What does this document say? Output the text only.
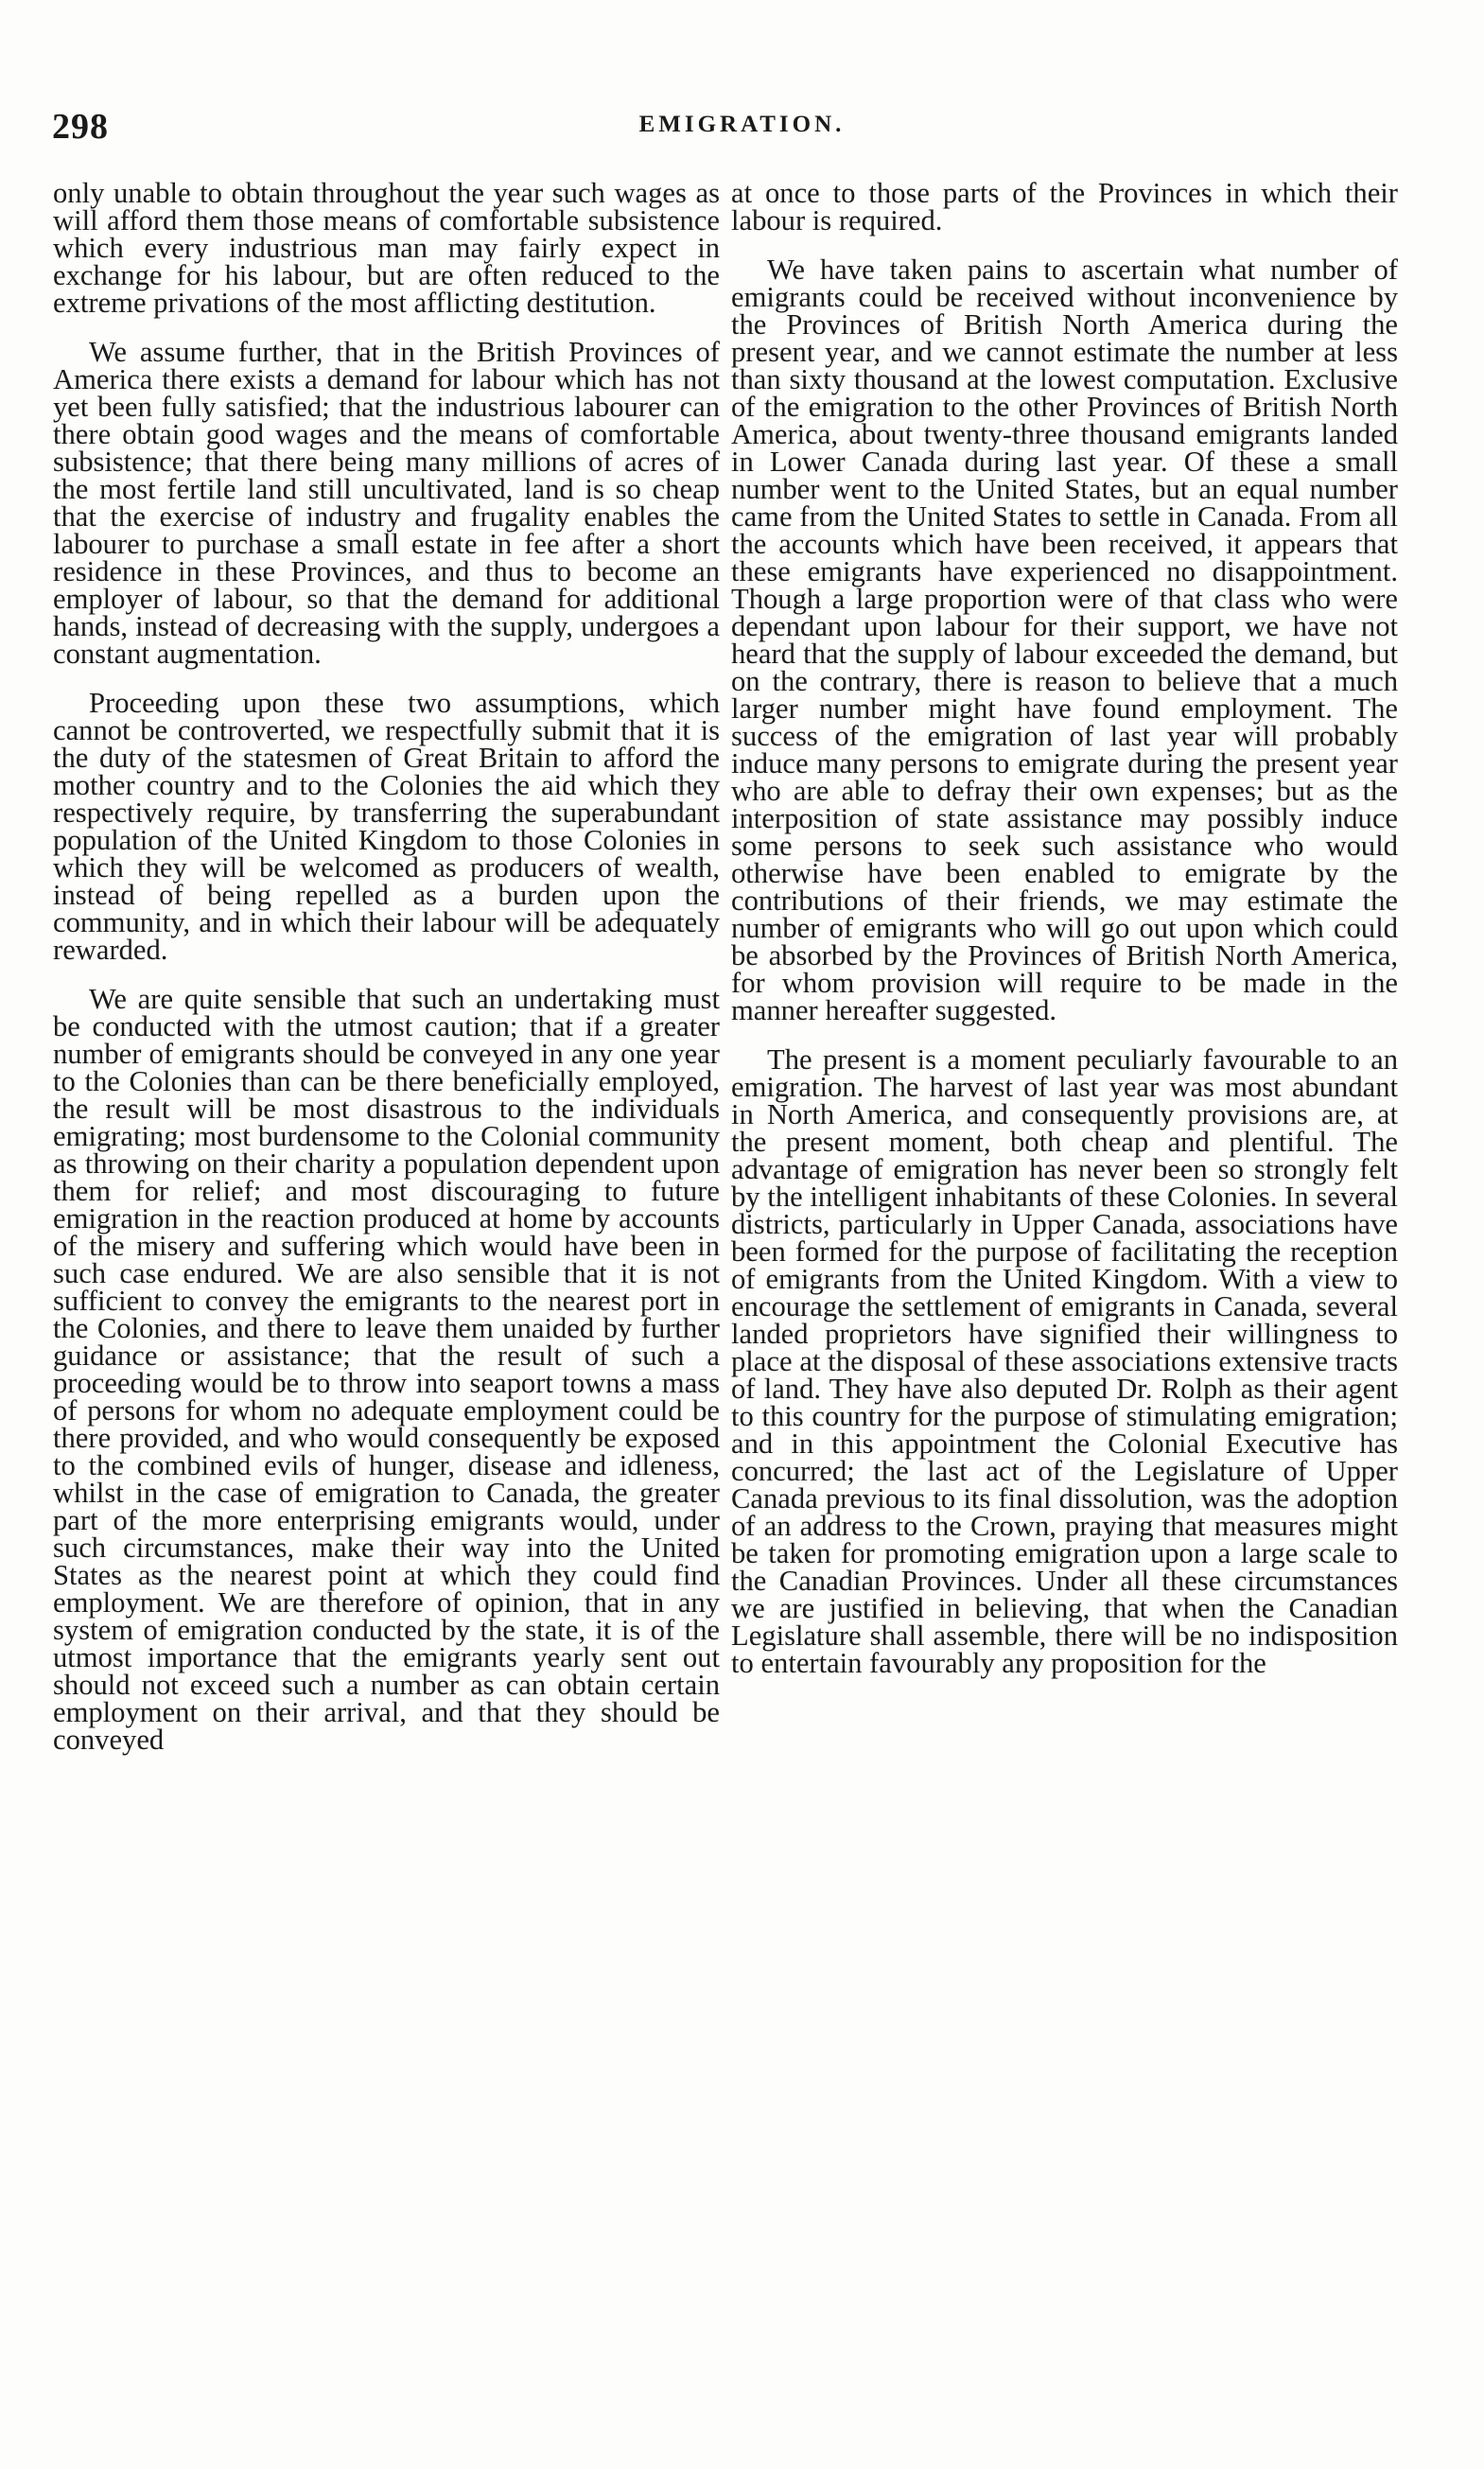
298	EMIGRATION.

only unable to obtain throughout the year such wages as will afford them those means of comfortable subsistence which every industrious man may fairly expect in exchange for his labour, but are often reduced to the extreme privations of the most afflicting destitution.

We assume further, that in the British Provinces of America there exists a demand for labour which has not yet been fully satisfied; that the industrious labourer can there obtain good wages and the means of comfortable subsistence; that there being many millions of acres of the most fertile land still uncultivated, land is so cheap that the exercise of industry and frugality enables the labourer to purchase a small estate in fee after a short residence in these Provinces, and thus to become an employer of labour, so that the demand for additional hands, instead of decreasing with the supply, undergoes a constant augmentation.

Proceeding upon these two assumptions, which cannot be controverted, we respectfully submit that it is the duty of the statesmen of Great Britain to afford the mother country and to the Colonies the aid which they respectively require, by transferring the superabundant population of the United Kingdom to those Colonies in which they will be welcomed as producers of wealth, instead of being repelled as a burden upon the community, and in which their labour will be adequately rewarded.

We are quite sensible that such an undertaking must be conducted with the utmost caution; that if a greater number of emigrants should be conveyed in any one year to the Colonies than can be there beneficially employed, the result will be most disastrous to the individuals emigrating; most burdensome to the Colonial community as throwing on their charity a population dependent upon them for relief; and most discouraging to future emigration in the reaction produced at home by accounts of the misery and suffering which would have been in such case endured. We are also sensible that it is not sufficient to convey the emigrants to the nearest port in the Colonies, and there to leave them unaided by further guidance or assistance; that the result of such a proceeding would be to throw into seaport towns a mass of persons for whom no adequate employment could be there provided, and who would consequently be exposed to the combined evils of hunger, disease and idleness, whilst in the case of emigration to Canada, the greater part of the more enterprising emigrants would, under such circumstances, make their way into the United States as the nearest point at which they could find employment. We are therefore of opinion, that in any system of emigration conducted by the state, it is of the utmost importance that the emigrants yearly sent out should not exceed such a number as can obtain certain employment on their arrival, and that they should be conveyed

at once to those parts of the Provinces in which their labour is required.

We have taken pains to ascertain what number of emigrants could be received without inconvenience by the Provinces of British North America during the present year, and we cannot estimate the number at less than sixty thousand at the lowest computation. Exclusive of the emigration to the other Provinces of British North America, about twenty-three thousand emigrants landed in Lower Canada during last year. Of these a small number went to the United States, but an equal number came from the United States to settle in Canada. From all the accounts which have been received, it appears that these emigrants have experienced no disappointment. Though a large proportion were of that class who were dependant upon labour for their support, we have not heard that the supply of labour exceeded the demand, but on the contrary, there is reason to believe that a much larger number might have found employment. The success of the emigration of last year will probably induce many persons to emigrate during the present year who are able to defray their own expenses; but as the interposition of state assistance may possibly induce some persons to seek such assistance who would otherwise have been enabled to emigrate by the contributions of their friends, we may estimate the number of emigrants who will go out upon which could be absorbed by the Provinces of British North America, for whom provision will require to be made in the manner hereafter suggested.

The present is a moment peculiarly favourable to an emigration. The harvest of last year was most abundant in North America, and consequently provisions are, at the present moment, both cheap and plentiful. The advantage of emigration has never been so strongly felt by the intelligent inhabitants of these Colonies. In several districts, particularly in Upper Canada, associations have been formed for the purpose of facilitating the reception of emigrants from the United Kingdom. With a view to encourage the settlement of emigrants in Canada, several landed proprietors have signified their willingness to place at the disposal of these associations extensive tracts of land. They have also deputed Dr. Rolph as their agent to this country for the purpose of stimulating emigration; and in this appointment the Colonial Executive has concurred; the last act of the Legislature of Upper Canada previous to its final dissolution, was the adoption of an address to the Crown, praying that measures might be taken for promoting emigration upon a large scale to the Canadian Provinces. Under all these circumstances we are justified in believing, that when the Canadian Legislature shall assemble, there will be no indisposition to entertain favourably any proposition for the
